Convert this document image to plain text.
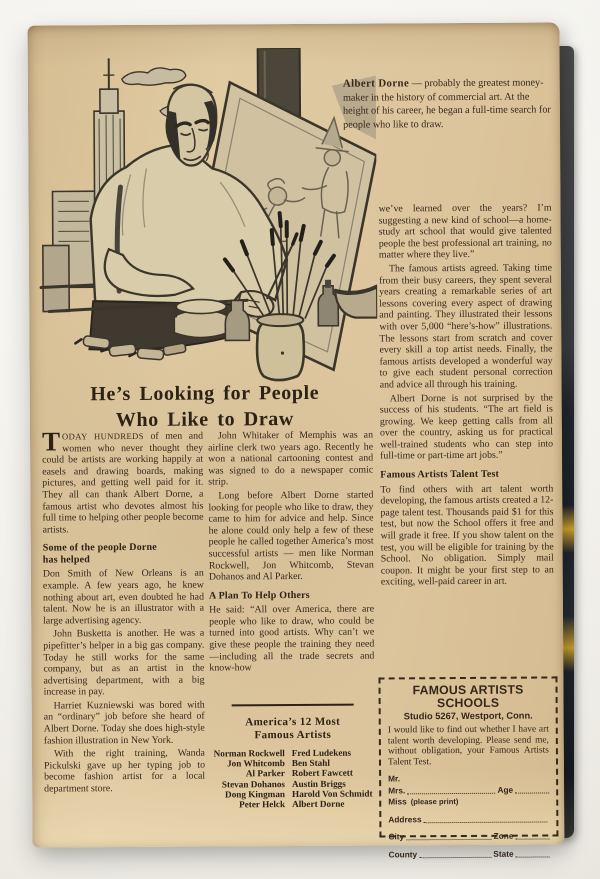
Albert Dorne — probably the greatest money-maker in the history of commercial art. At the height of his career, he began a full-time search for people who like to draw.
He’s Looking for People
Who Like to Draw

TODAY HUNDREDS of men and women who never thought they could be artists are working happily at easels and drawing boards, making pictures, and getting well paid for it. They all can thank Albert Dorne, a famous artist who devotes almost his full time to helping other people become artists.

Some of the people Dorne has helped

Don Smith of New Orleans is an example. A few years ago, he knew nothing about art, even doubted he had talent. Now he is an illustrator with a large advertising agency.

John Busketta is another. He was a pipefitter’s helper in a big gas company. Today he still works for the same company, but as an artist in the advertising department, with a big increase in pay.

Harriet Kuzniewski was bored with an “ordinary” job before she heard of Albert Dorne. Today she does high-style fashion illustration in New York.

With the right training, Wanda Pickulski gave up her typing job to become fashion artist for a local department store.

John Whitaker of Memphis was an airline clerk two years ago. Recently he won a national cartooning contest and was signed to do a newspaper comic strip.

Long before Albert Dorne started looking for people who like to draw, they came to him for advice and help. Since he alone could only help a few of these people he called together America’s most successful artists — men like Norman Rockwell, Jon Whitcomb, Stevan Dohanos and Al Parker.

A Plan To Help Others

He said: “All over America, there are people who like to draw, who could be turned into good artists. Why can’t we give these people the training they need—including all the trade secrets and know-how

we’ve learned over the years? I’m suggesting a new kind of school—a home-study art school that would give talented people the best professional art training, no matter where they live.”

The famous artists agreed. Taking time from their busy careers, they spent several years creating a remarkable series of art lessons covering every aspect of drawing and painting. They illustrated their lessons with over 5,000 “here’s-how” illustrations. The lessons start from scratch and cover every skill a top artist needs. Finally, the famous artists developed a wonderful way to give each student personal correction and advice all through his training.

Albert Dorne is not surprised by the success of his students. “The art field is growing. We keep getting calls from all over the country, asking us for practical well-trained students who can step into full-time or part-time art jobs.”

Famous Artists Talent Test

To find others with art talent worth developing, the famous artists created a 12-page talent test. Thousands paid $1 for this test, but now the School offers it free and will grade it free. If you show talent on the test, you will be eligible for training by the School. No obligation. Simply mail coupon. It might be your first step to an exciting, well-paid career in art.

America’s 12 Most
Famous Artists
Norman Rockwell	Fred Ludekens
Jon Whitcomb	Ben Stahl
Al Parker	Robert Fawcett
Stevan Dohanos	Austin Briggs
Dong Kingman	Harold Von Schmidt
Peter Helck	Albert Dorne
FAMOUS ARTISTS SCHOOLS
Studio 5267, Westport, Conn.
I would like to find out whether I have art talent worth developing. Please send me, without obligation, your Famous Artists Talent Test.
Mr.
Mrs.	Age
Miss (please print)
Address
City	Zone
County	State
